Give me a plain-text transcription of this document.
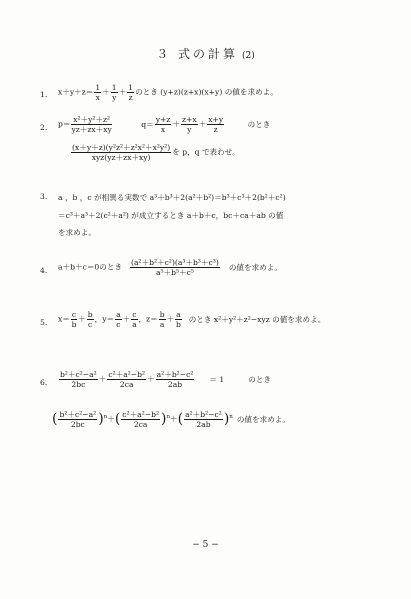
３ 式の計算 (2)
1. $x+y+z= \frac{1}{x} + \frac{1}{y} + \frac{1}{z}$ のとき (y+z)(z+x)(x+y) の値を求めよ。
2. $p= \frac{\text{x²＋y²＋z²}}{yz+zx+xy}$	$q= \frac{y+z}{x} + \frac{z+x}{y} + \frac{x+y}{z}$	のとき
$\frac{\text{(x＋y＋z)(y²z²＋z²x²＋x²y²)}}{\text{xyz(yz＋zx＋xy)}}$ を p，q で表わせ。
3. a ，b ，c が相異る実数で a³＋b³＋2(a²＋b²)＝b³＋c³＋2(b²＋c²)
＝c³＋a³＋2(c²＋a²) が成立するとき a＋b＋c，bc＋ca＋ab の値
を求めよ。
4. a＋b＋c＝0のとき $\frac{\text{(a²＋b²＋c²)(a³＋b³＋c³)}}{\text{a⁵＋b⁵＋c⁵}}$ の値を求めよ。
5. $x= \frac{c}{b} + \frac{b}{c}$ ，$y= \frac{a}{c} + \frac{c}{a}$ ，$z= \frac{b}{a} + \frac{a}{b}$ のとき x²＋y²＋z²−xyz の値を求めよ。
6. $\frac{\text{b²＋c²−a²}}{2bc} + \frac{\text{c²＋a²−b²}}{2ca} + \frac{\text{a²＋b²−c²}}{2ab} = 1$	のとき
( $\frac{\text{b²＋c²−a²}}{2bc} )^n+( \frac{\text{c²＋a²−b²}}{2ca} )^n+( \frac{\text{a²＋b²−c²}}{2ab} )^n$ の値を求めよ。
− 5 −
